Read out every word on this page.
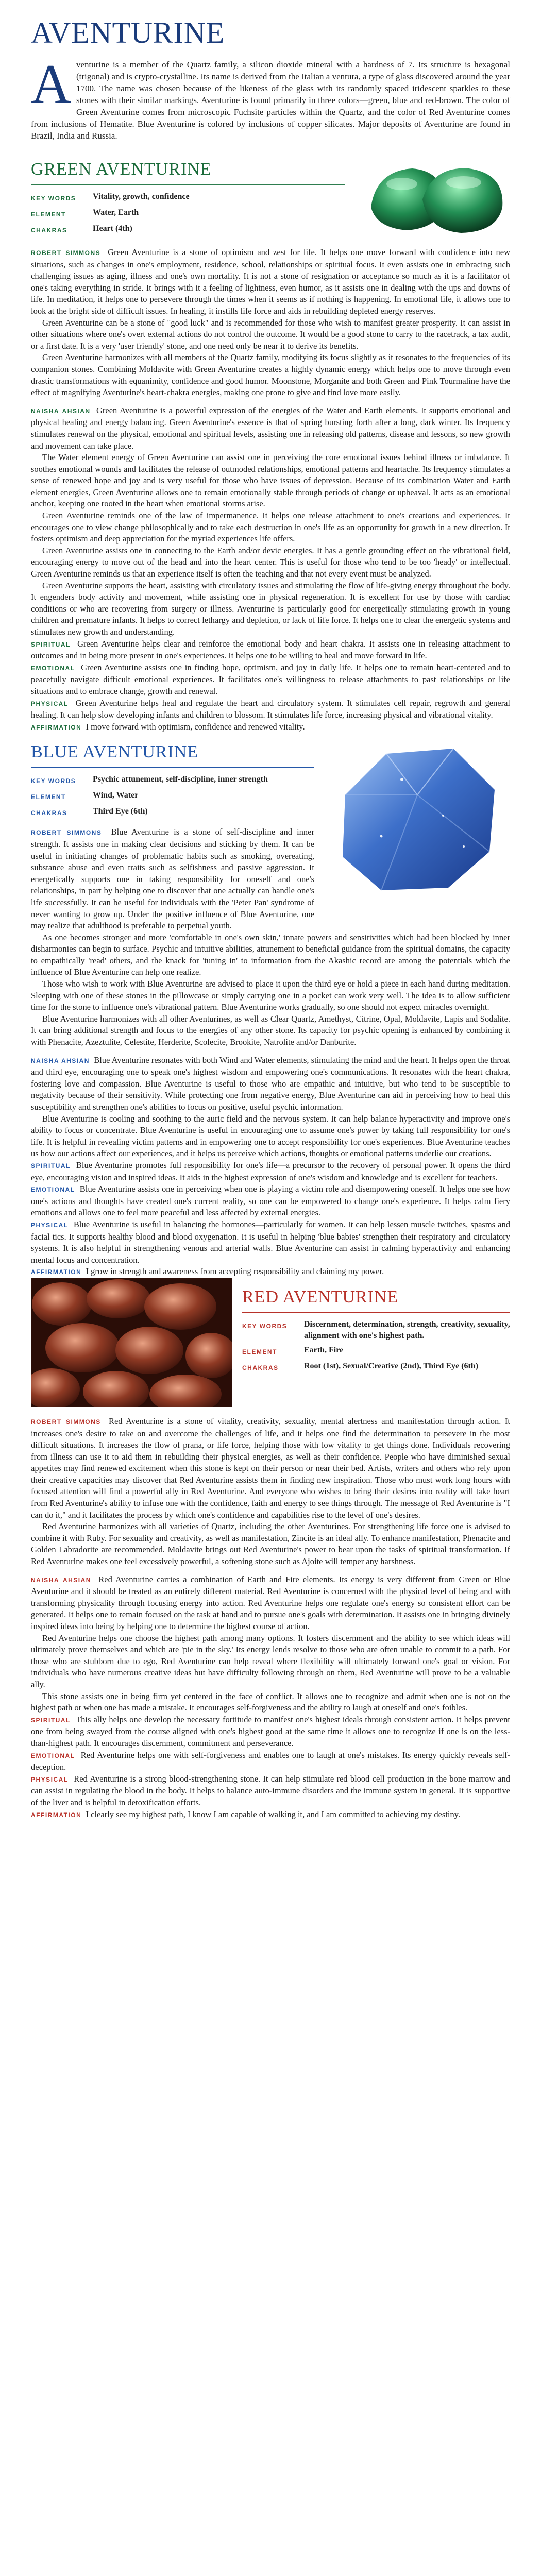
AVENTURINE

Aventurine is a member of the Quartz family, a silicon dioxide mineral with a hardness of 7. Its structure is hexagonal (trigonal) and is crypto-crystalline. Its name is derived from the Italian a ventura, a type of glass discovered around the year 1700. The name was chosen because of the likeness of the glass with its randomly spaced iridescent sparkles to these stones with their similar markings. Aventurine is found primarily in three colors—green, blue and red-brown. The color of Green Aventurine comes from microscopic Fuchsite particles within the Quartz, and the color of Red Aventurine comes from inclusions of Hematite. Blue Aventurine is colored by inclusions of copper silicates. Major deposits of Aventurine are found in Brazil, India and Russia.

GREEN AVENTURINE
KEY WORDS	Vitality, growth, confidence
ELEMENT	Water, Earth
CHAKRAS	Heart (4th)

ROBERT SIMMONS Green Aventurine is a stone of optimism and zest for life. It helps one move forward with confidence into new situations, such as changes in one's employment, residence, school, relationships or spiritual focus. It even assists one in embracing such challenging issues as aging, illness and one's own mortality. It is not a stone of resignation or acceptance so much as it is a facilitator of one's taking everything in stride. It brings with it a feeling of lightness, even humor, as it assists one in dealing with the ups and downs of life. In meditation, it helps one to persevere through the times when it seems as if nothing is happening. In emotional life, it allows one to look at the bright side of difficult issues. In healing, it instills life force and aids in rebuilding depleted energy reserves.

Green Aventurine can be a stone of "good luck" and is recommended for those who wish to manifest greater prosperity. It can assist in other situations where one's overt external actions do not control the outcome. It would be a good stone to carry to the racetrack, a tax audit, or a first date. It is a very 'user friendly' stone, and one need only be near it to derive its benefits.

Green Aventurine harmonizes with all members of the Quartz family, modifying its focus slightly as it resonates to the frequencies of its companion stones. Combining Moldavite with Green Aventurine creates a highly dynamic energy which helps one to move through even drastic transformations with equanimity, confidence and good humor. Moonstone, Morganite and both Green and Pink Tourmaline have the effect of magnifying Aventurine's heart-chakra energies, making one prone to give and find love more easily.

NAISHA AHSIAN Green Aventurine is a powerful expression of the energies of the Water and Earth elements. It supports emotional and physical healing and energy balancing. Green Aventurine's essence is that of spring bursting forth after a long, dark winter. Its frequency stimulates renewal on the physical, emotional and spiritual levels, assisting one in releasing old patterns, disease and lessons, so new growth and movement can take place.

The Water element energy of Green Aventurine can assist one in perceiving the core emotional issues behind illness or imbalance. It soothes emotional wounds and facilitates the release of outmoded relationships, emotional patterns and heartache. Its frequency stimulates a sense of renewed hope and joy and is very useful for those who have issues of depression. Because of its combination Water and Earth element energies, Green Aventurine allows one to remain emotionally stable through periods of change or upheaval. It acts as an emotional anchor, keeping one rooted in the heart when emotional storms arise.

Green Aventurine reminds one of the law of impermanence. It helps one release attachment to one's creations and experiences. It encourages one to view change philosophically and to take each destruction in one's life as an opportunity for growth in a new direction. It fosters optimism and deep appreciation for the myriad experiences life offers.

Green Aventurine assists one in connecting to the Earth and/or devic energies. It has a gentle grounding effect on the vibrational field, encouraging energy to move out of the head and into the heart center. This is useful for those who tend to be too 'heady' or intellectual. Green Aventurine reminds us that an experience itself is often the teaching and that not every event must be analyzed.

Green Aventurine supports the heart, assisting with circulatory issues and stimulating the flow of life-giving energy throughout the body. It engenders body activity and movement, while assisting one in physical regeneration. It is excellent for use by those with cardiac conditions or who are recovering from surgery or illness. Aventurine is particularly good for energetically stimulating growth in young children and premature infants. It helps to correct lethargy and depletion, or lack of life force. It helps one to clear the energetic systems and stimulates new growth and understanding.

SPIRITUAL Green Aventurine helps clear and reinforce the emotional body and heart chakra. It assists one in releasing attachment to outcomes and in being more present in one's experiences. It helps one to be willing to heal and move forward in life.

EMOTIONAL Green Aventurine assists one in finding hope, optimism, and joy in daily life. It helps one to remain heart-centered and to peacefully navigate difficult emotional experiences. It facilitates one's willingness to release attachments to past relationships or life situations and to embrace change, growth and renewal.

PHYSICAL Green Aventurine helps heal and regulate the heart and circulatory system. It stimulates cell repair, regrowth and general healing. It can help slow developing infants and children to blossom. It stimulates life force, increasing physical and vibrational vitality.

AFFIRMATION I move forward with optimism, confidence and renewed vitality.

BLUE AVENTURINE
KEY WORDS	Psychic attunement, self-discipline, inner strength
ELEMENT	Wind, Water
CHAKRAS	Third Eye (6th)

ROBERT SIMMONS Blue Aventurine is a stone of self-discipline and inner strength. It assists one in making clear decisions and sticking by them. It can be useful in initiating changes of problematic habits such as smoking, overeating, substance abuse and even traits such as selfishness and passive aggression. It energetically supports one in taking responsibility for oneself and one's relationships, in part by helping one to discover that one actually can handle one's life successfully. It can be useful for individuals with the 'Peter Pan' syndrome of never wanting to grow up. Under the positive influence of Blue Aventurine, one may realize that adulthood is preferable to perpetual youth.

As one becomes stronger and more 'comfortable in one's own skin,' innate powers and sensitivities which had been blocked by inner disharmonies can begin to surface. Psychic and intuitive abilities, attunement to beneficial guidance from the spiritual domains, the capacity to empathically 'read' others, and the knack for 'tuning in' to information from the Akashic record are among the potentials which the influence of Blue Aventurine can help one realize.

Those who wish to work with Blue Aventurine are advised to place it upon the third eye or hold a piece in each hand during meditation. Sleeping with one of these stones in the pillowcase or simply carrying one in a pocket can work very well. The idea is to allow sufficient time for the stone to influence one's vibrational pattern. Blue Aventurine works gradually, so one should not expect miracles overnight.

Blue Aventurine harmonizes with all other Aventurines, as well as Clear Quartz, Amethyst, Citrine, Opal, Moldavite, Lapis and Sodalite. It can bring additional strength and focus to the energies of any other stone. Its capacity for psychic opening is enhanced by combining it with Phenacite, Azeztulite, Celestite, Herderite, Scolecite, Brookite, Natrolite and/or Danburite.

NAISHA AHSIAN Blue Aventurine resonates with both Wind and Water elements, stimulating the mind and the heart. It helps open the throat and third eye, encouraging one to speak one's highest wisdom and empowering one's communications. It resonates with the heart chakra, fostering love and compassion. Blue Aventurine is useful to those who are empathic and intuitive, but who tend to be susceptible to negativity because of their sensitivity. While protecting one from negative energy, Blue Aventurine can aid in perceiving how to heal this susceptibility and strengthen one's abilities to focus on positive, useful psychic information.

Blue Aventurine is cooling and soothing to the auric field and the nervous system. It can help balance hyperactivity and improve one's ability to focus or concentrate. Blue Aventurine is useful in encouraging one to assume one's power by taking full responsibility for one's life. It is helpful in revealing victim patterns and in empowering one to accept responsibility for one's experiences. Blue Aventurine teaches us how our actions affect our experiences, and it helps us perceive which actions, thoughts or emotional patterns underlie our creations.

SPIRITUAL Blue Aventurine promotes full responsibility for one's life—a precursor to the recovery of personal power. It opens the third eye, encouraging vision and inspired ideas. It aids in the highest expression of one's wisdom and knowledge and is excellent for teachers.

EMOTIONAL Blue Aventurine assists one in perceiving when one is playing a victim role and disempowering oneself. It helps one see how one's actions and thoughts have created one's current reality, so one can be empowered to change one's experience. It helps calm fiery emotions and allows one to feel more peaceful and less affected by external energies.

PHYSICAL Blue Aventurine is useful in balancing the hormones—particularly for women. It can help lessen muscle twitches, spasms and facial tics. It supports healthy blood and blood oxygenation. It is useful in helping 'blue babies' strengthen their respiratory and circulatory systems. It is also helpful in strengthening venous and arterial walls. Blue Aventurine can assist in calming hyperactivity and enhancing mental focus and concentration.

AFFIRMATION I grow in strength and awareness from accepting responsibility and claiming my power.

RED AVENTURINE
KEY WORDS	Discernment, determination, strength, creativity, sexuality, alignment with one's highest path.
ELEMENT	Earth, Fire
CHAKRAS	Root (1st), Sexual/Creative (2nd), Third Eye (6th)

ROBERT SIMMONS Red Aventurine is a stone of vitality, creativity, sexuality, mental alertness and manifestation through action. It increases one's desire to take on and overcome the challenges of life, and it helps one find the determination to persevere in the most difficult situations. It increases the flow of prana, or life force, helping those with low vitality to get things done. Individuals recovering from illness can use it to aid them in rebuilding their physical energies, as well as their confidence. People who have diminished sexual appetites may find renewed excitement when this stone is kept on their person or near their bed. Artists, writers and others who rely upon their creative capacities may discover that Red Aventurine assists them in finding new inspiration. Those who must work long hours with focused attention will find a powerful ally in Red Aventurine. And everyone who wishes to bring their desires into reality will take heart from Red Aventurine's ability to infuse one with the confidence, faith and energy to see things through. The message of Red Aventurine is "I can do it," and it facilitates the process by which one's confidence and capabilities rise to the level of one's desires.

Red Aventurine harmonizes with all varieties of Quartz, including the other Aventurines. For strengthening life force one is advised to combine it with Ruby. For sexuality and creativity, as well as manifestation, Zincite is an ideal ally. To enhance manifestation, Phenacite and Golden Labradorite are recommended. Moldavite brings out Red Aventurine's power to bear upon the tasks of spiritual transformation. If Red Aventurine makes one feel excessively powerful, a softening stone such as Ajoite will temper any harshness.

NAISHA AHSIAN Red Aventurine carries a combination of Earth and Fire elements. Its energy is very different from Green or Blue Aventurine and it should be treated as an entirely different material. Red Aventurine is concerned with the physical level of being and with transforming physicality through focusing energy into action. Red Aventurine helps one regulate one's energy so consistent effort can be generated. It helps one to remain focused on the task at hand and to pursue one's goals with determination. It assists one in bringing divinely inspired ideas into being by helping one to determine the highest course of action.

Red Aventurine helps one choose the highest path among many options. It fosters discernment and the ability to see which ideas will ultimately prove themselves and which are 'pie in the sky.' Its energy lends resolve to those who are often unable to commit to a path. For those who are stubborn due to ego, Red Aventurine can help reveal where flexibility will ultimately forward one's goal or vision. For individuals who have numerous creative ideas but have difficulty following through on them, Red Aventurine will prove to be a valuable ally.

This stone assists one in being firm yet centered in the face of conflict. It allows one to recognize and admit when one is not on the highest path or when one has made a mistake. It encourages self-forgiveness and the ability to laugh at oneself and one's foibles.

SPIRITUAL This ally helps one develop the necessary fortitude to manifest one's highest ideals through consistent action. It helps prevent one from being swayed from the course aligned with one's highest good at the same time it allows one to recognize if one is on the less-than-highest path. It encourages discernment, commitment and perseverance.

EMOTIONAL Red Aventurine helps one with self-forgiveness and enables one to laugh at one's mistakes. Its energy quickly reveals self-deception.

PHYSICAL Red Aventurine is a strong blood-strengthening stone. It can help stimulate red blood cell production in the bone marrow and can assist in regulating the blood in the body. It helps to balance auto-immune disorders and the immune system in general. It is supportive of the liver and is helpful in detoxification efforts.

AFFIRMATION I clearly see my highest path, I know I am capable of walking it, and I am committed to achieving my destiny.
